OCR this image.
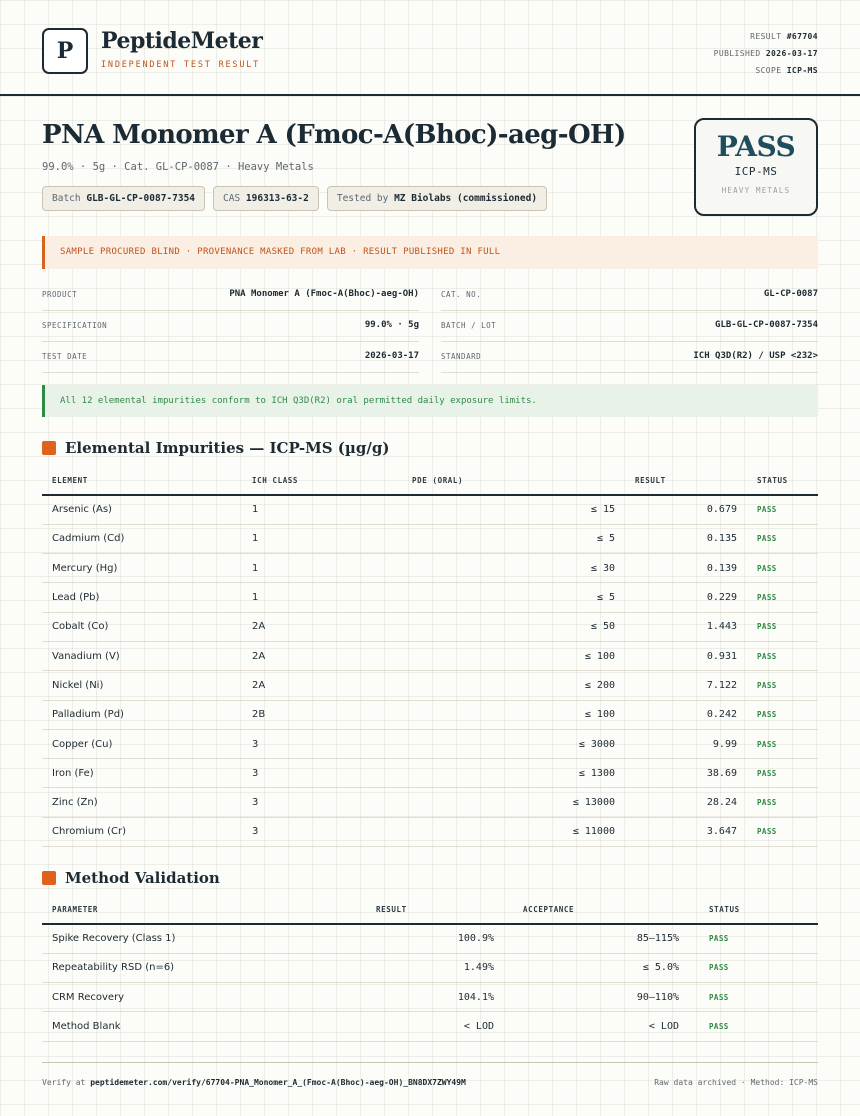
P PeptideMeter
INDEPENDENT TEST RESULT
RESULT #67704
PUBLISHED 2026-03-17
SCOPE ICP-MS
PNA Monomer A (Fmoc-A(Bhoc)-aeg-OH)
99.0% · 5g · Cat. GL-CP-0087 · Heavy Metals
Batch GLB-GL-CP-0087-7354	CAS 196313-63-2	Tested by MZ Biolabs (commissioned)
PASS
ICP-MS
HEAVY METALS
SAMPLE PROCURED BLIND · PROVENANCE MASKED FROM LAB · RESULT PUBLISHED IN FULL
PRODUCT	PNA Monomer A (Fmoc-A(Bhoc)-aeg-OH)	CAT. NO.	GL-CP-0087
SPECIFICATION	99.0% · 5g	BATCH / LOT	GLB-GL-CP-0087-7354
TEST DATE	2026-03-17	STANDARD	ICH Q3D(R2) / USP <232>
All 12 elemental impurities conform to ICH Q3D(R2) oral permitted daily exposure limits.
Elemental Impurities — ICP-MS (µg/g)
ELEMENT	ICH CLASS	PDE (ORAL)	RESULT	STATUS
Arsenic (As)	1	≤ 15	0.679	PASS
Cadmium (Cd)	1	≤ 5	0.135	PASS
Mercury (Hg)	1	≤ 30	0.139	PASS
Lead (Pb)	1	≤ 5	0.229	PASS
Cobalt (Co)	2A	≤ 50	1.443	PASS
Vanadium (V)	2A	≤ 100	0.931	PASS
Nickel (Ni)	2A	≤ 200	7.122	PASS
Palladium (Pd)	2B	≤ 100	0.242	PASS
Copper (Cu)	3	≤ 3000	9.99	PASS
Iron (Fe)	3	≤ 1300	38.69	PASS
Zinc (Zn)	3	≤ 13000	28.24	PASS
Chromium (Cr)	3	≤ 11000	3.647	PASS
Method Validation
PARAMETER	RESULT	ACCEPTANCE	STATUS
Spike Recovery (Class 1)	100.9%	85–115%	PASS
Repeatability RSD (n=6)	1.49%	≤ 5.0%	PASS
CRM Recovery	104.1%	90–110%	PASS
Method Blank	< LOD	< LOD	PASS
Verify at peptidemeter.com/verify/67704-PNA_Monomer_A_(Fmoc-A(Bhoc)-aeg-OH)_BN8DX7ZWY49M	Raw data archived · Method: ICP-MS
